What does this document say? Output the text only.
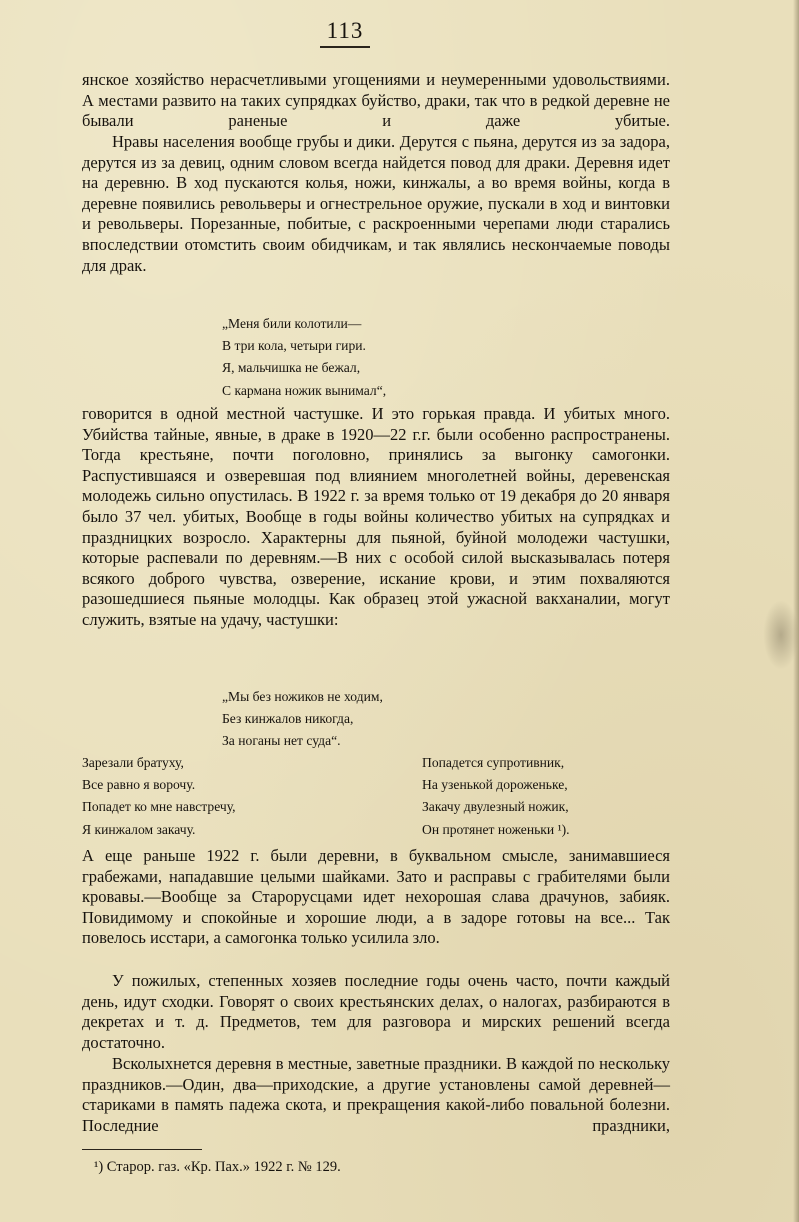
113
янское хозяйство нерасчетливыми угощениями и неумеренными удовольствиями. А местами развито на таких супрядках буйство, драки, так что в редкой деревне не бывали раненые и даже убитые.
Нравы населения вообще грубы и дики. Дерутся с пьяна, дерутся из за задора, дерутся из за девиц, одним словом всегда найдется повод для драки. Деревня идет на деревню. В ход пускаются колья, ножи, кинжалы, а во время войны, когда в деревне появились револьверы и огнестрельное оружие, пускали в ход и винтовки и револьверы. Порезанные, побитые, с раскроенными черепами люди старались впоследствии отомстить своим обидчикам, и так являлись нескончаемые поводы для драк.
„Меня били колотили—
В три кола, четыри гири.
Я, мальчишка не бежал,
С кармана ножик вынимал“,
говорится в одной местной частушке. И это горькая правда. И убитых много. Убийства тайные, явные, в драке в 1920—22 г.г. были особенно распространены. Тогда крестьяне, почти поголовно, принялись за выгонку самогонки. Распустившаяся и озверевшая под влиянием многолетней войны, деревенская молодежь сильно опустилась. В 1922 г. за время только от 19 декабря до 20 января было 37 чел. убитых, Вообще в годы войны количество убитых на супрядках и праздницких возросло. Характерны для пьяной, буйной молодежи частушки, которые распевали по деревням.—В них с особой силой высказывалась потеря всякого доброго чувства, озверение, искание крови, и этим похваляются разошедшиеся пьяные молодцы. Как образец этой ужасной вакханалии, могут служить, взятые на удачу, частушки:
„Мы без ножиков не ходим,
Без кинжалов никогда,
За ноганы нет суда“.
Зарезали братуху,
Все равно я ворочу.
Попадет ко мне навстречу,
Я кинжалом закачу.
Попадется супротивник,
На узенькой дороженьке,
Закачу двулезный ножик,
Он протянет ноженьки ¹).
А еще раньше 1922 г. были деревни, в буквальном смысле, занимавшиеся грабежами, нападавшие целыми шайками. Зато и расправы с грабителями были кровавы.—Вообще за Старорусцами идет нехорошая слава драчунов, забияк. Повидимому и спокойные и хорошие люди, а в задоре готовы на все... Так повелось исстари, а самогонка только усилила зло.
У пожилых, степенных хозяев последние годы очень часто, почти каждый день, идут сходки. Говорят о своих крестьянских делах, о налогах, разбираются в декретах и т. д. Предметов, тем для разговора и мирских решений всегда достаточно.
Всколыхнется деревня в местные, заветные праздники. В каждой по нескольку праздников.—Один, два—приходские, а другие установлены самой деревней—стариками в память падежа скота, и прекращения какой-либо повальной болезни. Последние праздники,
¹) Старор. газ. «Кр. Пах.» 1922 г. № 129.
